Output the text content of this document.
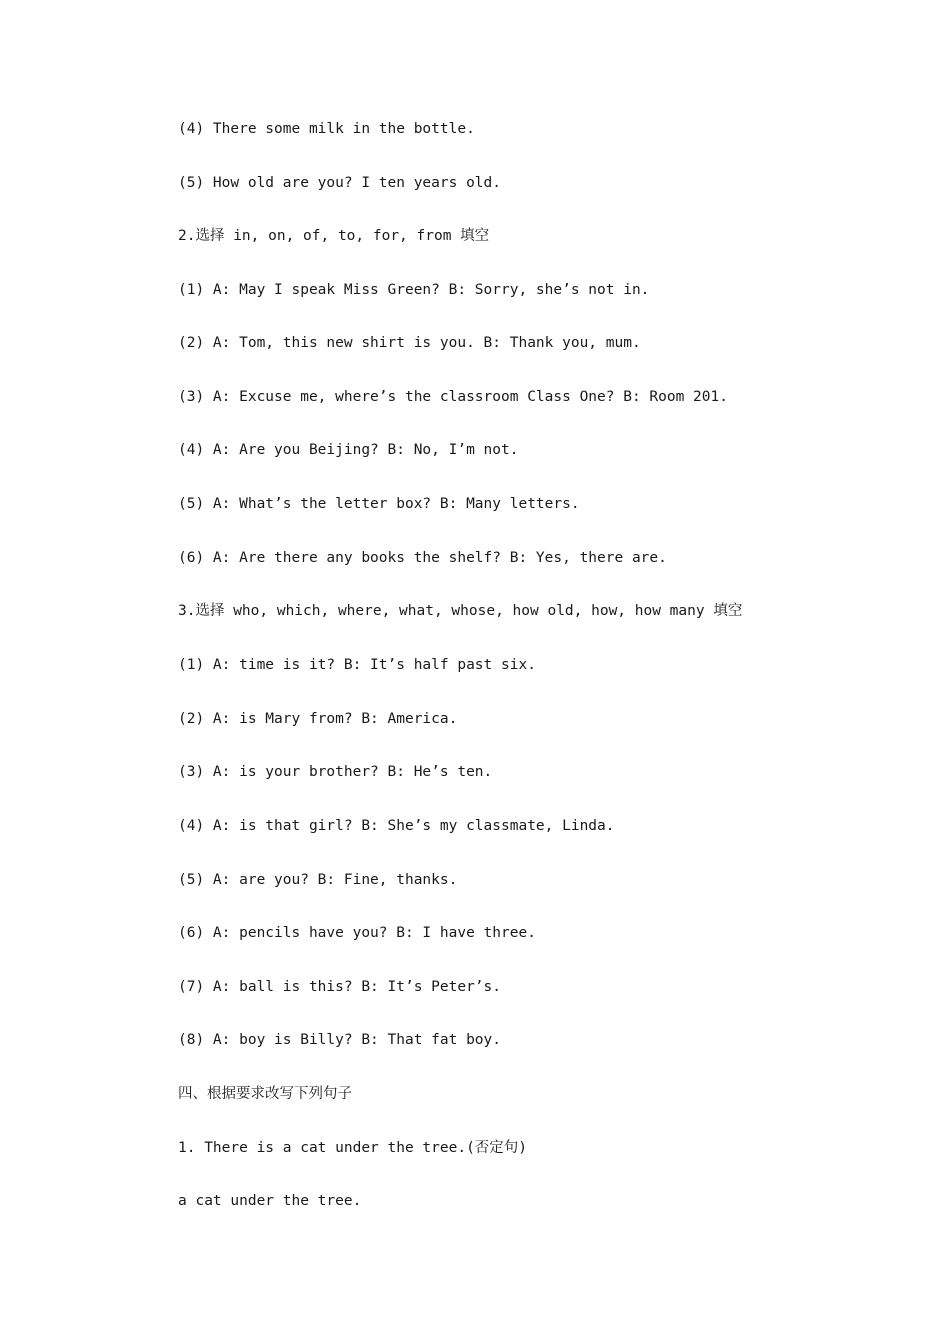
(4) There some milk in the bottle.
(5) How old are you? I ten years old.
2.选择 in, on, of, to, for, from 填空
(1) A: May I speak Miss Green? B: Sorry, she’s not in.
(2) A: Tom, this new shirt is you. B: Thank you, mum.
(3) A: Excuse me, where’s the classroom Class One? B: Room 201.
(4) A: Are you Beijing? B: No, I’m not.
(5) A: What’s the letter box? B: Many letters.
(6) A: Are there any books the shelf? B: Yes, there are.
3.选择 who, which, where, what, whose, how old, how, how many 填空
(1) A: time is it? B: It’s half past six.
(2) A: is Mary from? B: America.
(3) A: is your brother? B: He’s ten.
(4) A: is that girl? B: She’s my classmate, Linda.
(5) A: are you? B: Fine, thanks.
(6) A: pencils have you? B: I have three.
(7) A: ball is this? B: It’s Peter’s.
(8) A: boy is Billy? B: That fat boy.
四、根据要求改写下列句子
1. There is a cat under the tree.(否定句)
a cat under the tree.
